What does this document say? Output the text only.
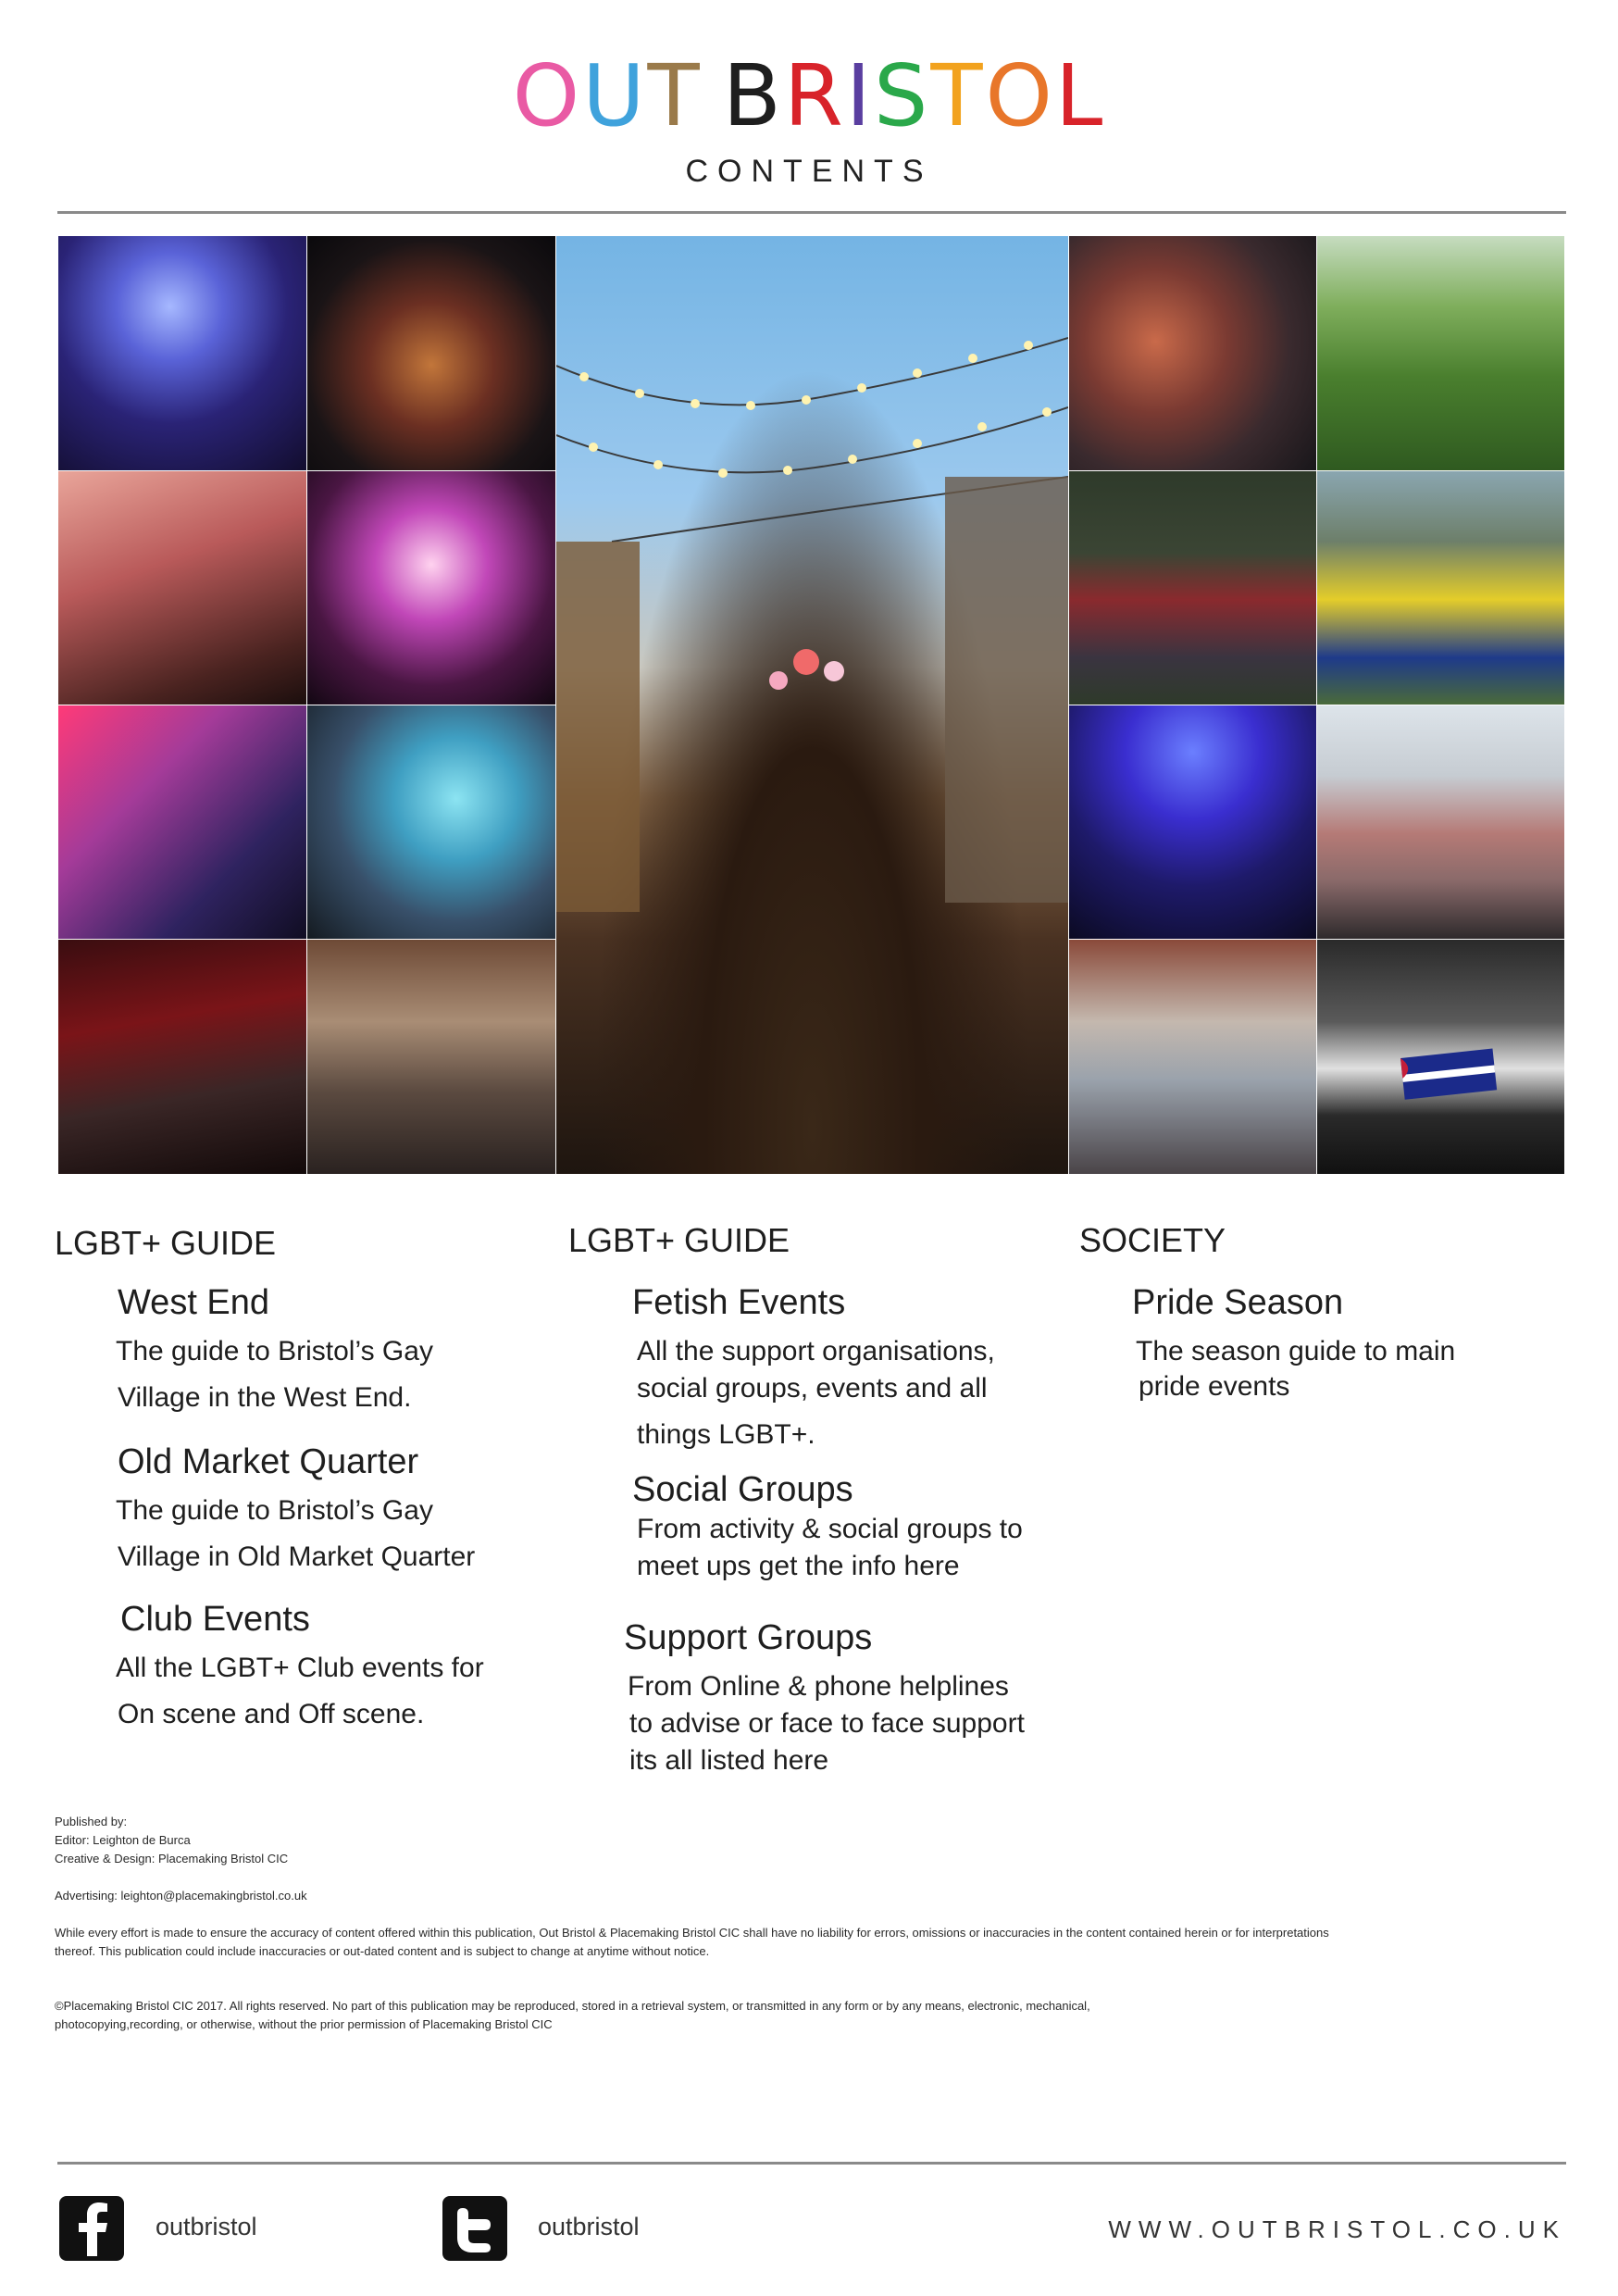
OUT BRISTOL
CONTENTS
LGBT+ GUIDE
West End
The guide to Bristol’s Gay
Village in the West End.
Old Market Quarter
The guide to Bristol’s Gay
Village in Old Market Quarter
Club Events
All the LGBT+ Club events for
On scene and Off scene.
LGBT+ GUIDE
Fetish Events
All the support organisations,
social groups, events and all
things LGBT+.
Social Groups
From activity & social groups to
meet ups get the info here
Support Groups
From Online & phone helplines
to advise or face to face support
its all listed here
SOCIETY
Pride Season
The season guide to main
pride events
Published by:
Editor: Leighton de Burca
Creative & Design: Placemaking Bristol CIC
Advertising: leighton@placemakingbristol.co.uk
While every effort is made to ensure the accuracy of content offered within this publication, Out Bristol & Placemaking Bristol CIC shall have no liability for errors, omissions or inaccuracies in the content contained herein or for interpretations
thereof. This publication could include inaccuracies or out-dated content and is subject to change at anytime without notice.
©Placemaking Bristol CIC 2017. All rights reserved. No part of this publication may be reproduced, stored in a retrieval system, or transmitted in any form or by any means, electronic, mechanical,
photocopying,recording, or otherwise, without the prior permission of Placemaking Bristol CIC
outbristol	outbristol	WWW.OUTBRISTOL.CO.UK
